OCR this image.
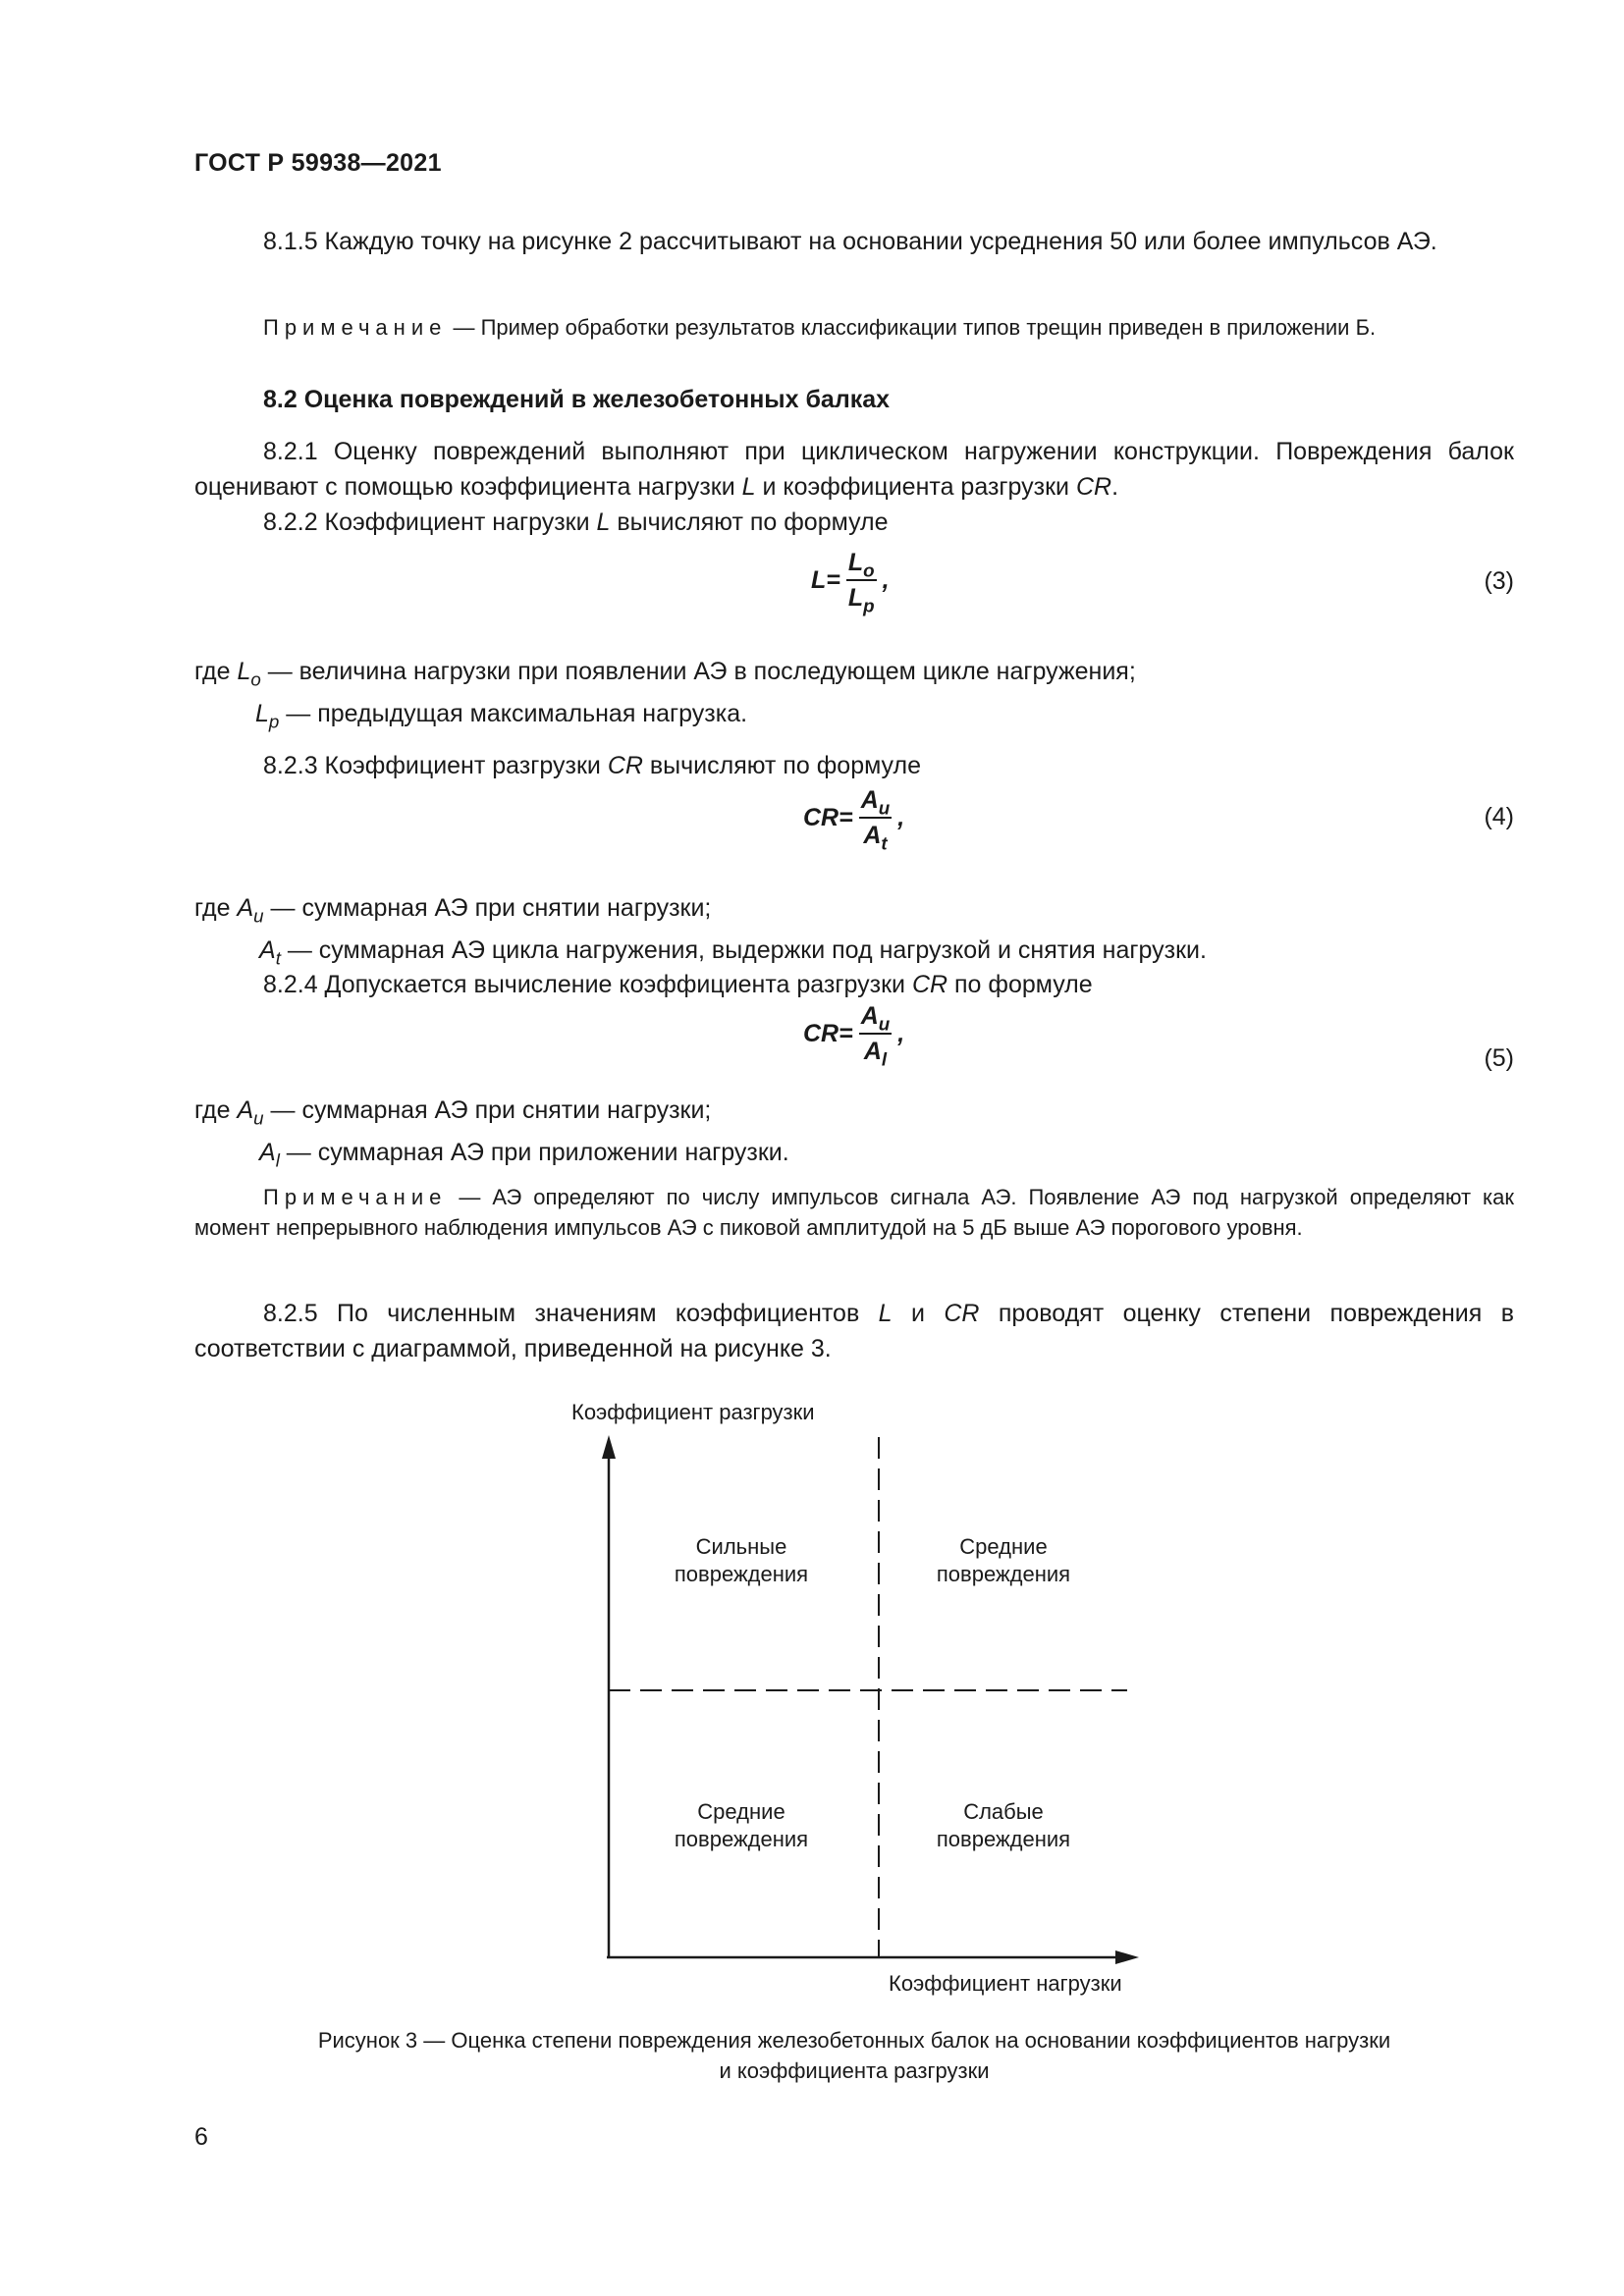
ГОСТ Р 59938—2021
8.1.5 Каждую точку на рисунке 2 рассчитывают на основании усреднения 50 или более импульсов АЭ.
Примечание — Пример обработки результатов классификации типов трещин приведен в приложении Б.
8.2 Оценка повреждений в железобетонных балках
8.2.1 Оценку повреждений выполняют при циклическом нагружении конструкции. Повреждения балок оценивают с помощью коэффициента нагрузки L и коэффициента разгрузки CR.
8.2.2 Коэффициент нагрузки L вычисляют по формуле
$L = \frac{L_o}{L_p}$ ,	(3)
где $L_o$ — величина нагрузки при появлении АЭ в последующем цикле нагружения;
$L_p$ — предыдущая максимальная нагрузка.
8.2.3 Коэффициент разгрузки CR вычисляют по формуле
CR = $\frac{A_u}{A_t}$ ,	(4)
где $A_u$ — суммарная АЭ при снятии нагрузки;
$A_t$ — суммарная АЭ цикла нагружения, выдержки под нагрузкой и снятия нагрузки.
8.2.4 Допускается вычисление коэффициента разгрузки CR по формуле
CR = $\frac{A_u}{A_l}$ ,
(5)
где $A_u$ — суммарная АЭ при снятии нагрузки;
$A_l$ — суммарная АЭ при приложении нагрузки.
Примечание — АЭ определяют по числу импульсов сигнала АЭ. Появление АЭ под нагрузкой определяют как момент непрерывного наблюдения импульсов АЭ с пиковой амплитудой на 5 дБ выше АЭ порогового уровня.
8.2.5 По численным значениям коэффициентов L и CR проводят оценку степени повреждения в соответствии с диаграммой, приведенной на рисунке 3.
Коэффициент разгрузки
Сильные
повреждения
Средние
повреждения
Средние
повреждения
Слабые
повреждения
Коэффициент нагрузки
Рисунок 3 — Оценка степени повреждения железобетонных балок на основании коэффициентов нагрузки
и коэффициента разгрузки
6
